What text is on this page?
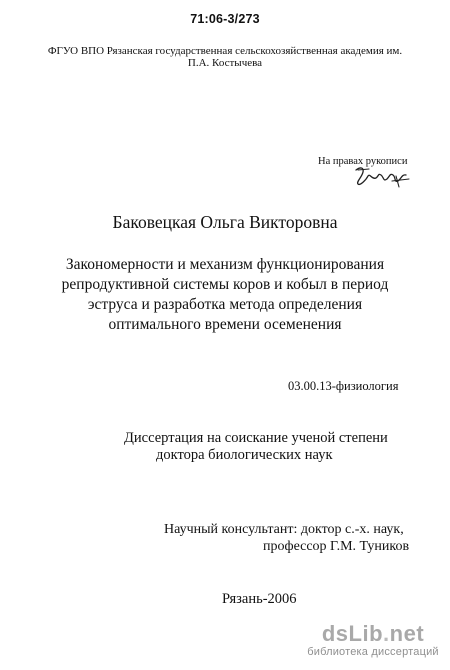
71:06-3/273
ФГУО ВПО Рязанская государственная сельскохозяйственная академия им.
П.А. Костычева
На правах рукописи
Баковецкая Ольга Викторовна
Закономерности и механизм функционирования
репродуктивной системы коров и кобыл в период
эструса и разработка метода определения
оптимального времени осеменения
03.00.13-физиология
Диссертация на соискание ученой степени
доктора биологических наук
Научный консультант: доктор с.-х. наук,
профессор Г.М. Туников
Рязань-2006
dsLib.net
библиотека диссертаций
